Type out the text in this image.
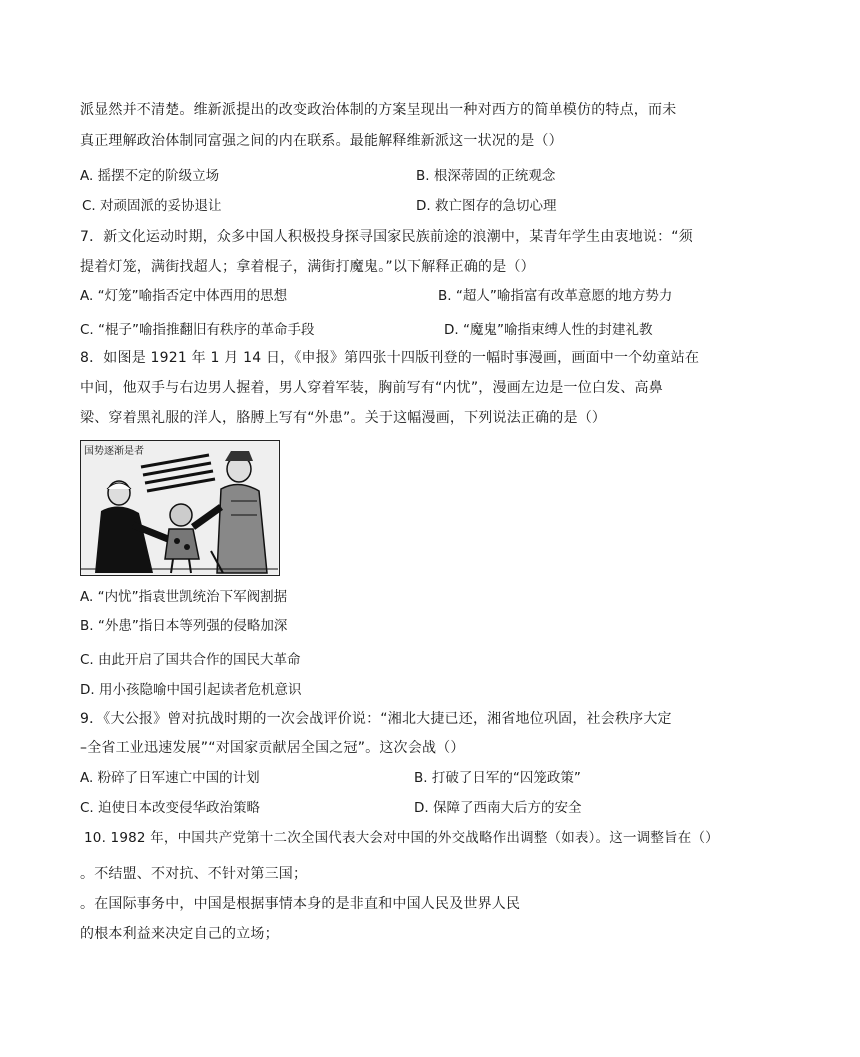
派显然并不清楚。维新派提出的改变政治体制的方案呈现出一种对西方的简单模仿的特点，而未
真正理解政治体制同富强之间的内在联系。最能解释维新派这一状况的是（）
A. 摇摆不定的阶级立场	B. 根深蒂固的正统观念
C. 对顽固派的妥协退让	D. 救亡图存的急切心理
7．新文化运动时期，众多中国人积极投身探寻国家民族前途的浪潮中，某青年学生由衷地说：“须
提着灯笼，满街找超人；拿着棍子，满街打魔鬼。”以下解释正确的是（）
A. “灯笼”喻指否定中体西用的思想	B. “超人”喻指富有改革意愿的地方势力
C. “棍子”喻指推翻旧有秩序的革命手段	D. “魔鬼”喻指束缚人性的封建礼教
8．如图是 1921 年 1 月 14 日，《申报》第四张十四版刊登的一幅时事漫画，画面中一个幼童站在
中间，他双手与右边男人握着，男人穿着军装，胸前写有“内忧”，漫画左边是一位白发、高鼻
梁、穿着黑礼服的洋人，胳膊上写有“外患”。关于这幅漫画，下列说法正确的是（）
国势逐渐是者
A. “内忧”指袁世凯统治下军阀割据
B. “外患”指日本等列强的侵略加深
C. 由此开启了国共合作的国民大革命
D. 用小孩隐喻中国引起读者危机意识
9．《大公报》曾对抗战时期的一次会战评价说：“湘北大捷已还，湘省地位巩固，社会秩序大定
–全省工业迅速发展”“对国家贡献居全国之冠”。这次会战（）
A. 粉碎了日军速亡中国的计划	B. 打破了日军的“囚笼政策”
C. 迫使日本改变侵华政治策略	D. 保障了西南大后方的安全
10. 1982 年，中国共产党第十二次全国代表大会对中国的外交战略作出调整（如表）。这一调整旨在（）
。不结盟、不对抗、不针对第三国；
。在国际事务中，中国是根据事情本身的是非直和中国人民及世界人民
的根本利益来决定自己的立场；
